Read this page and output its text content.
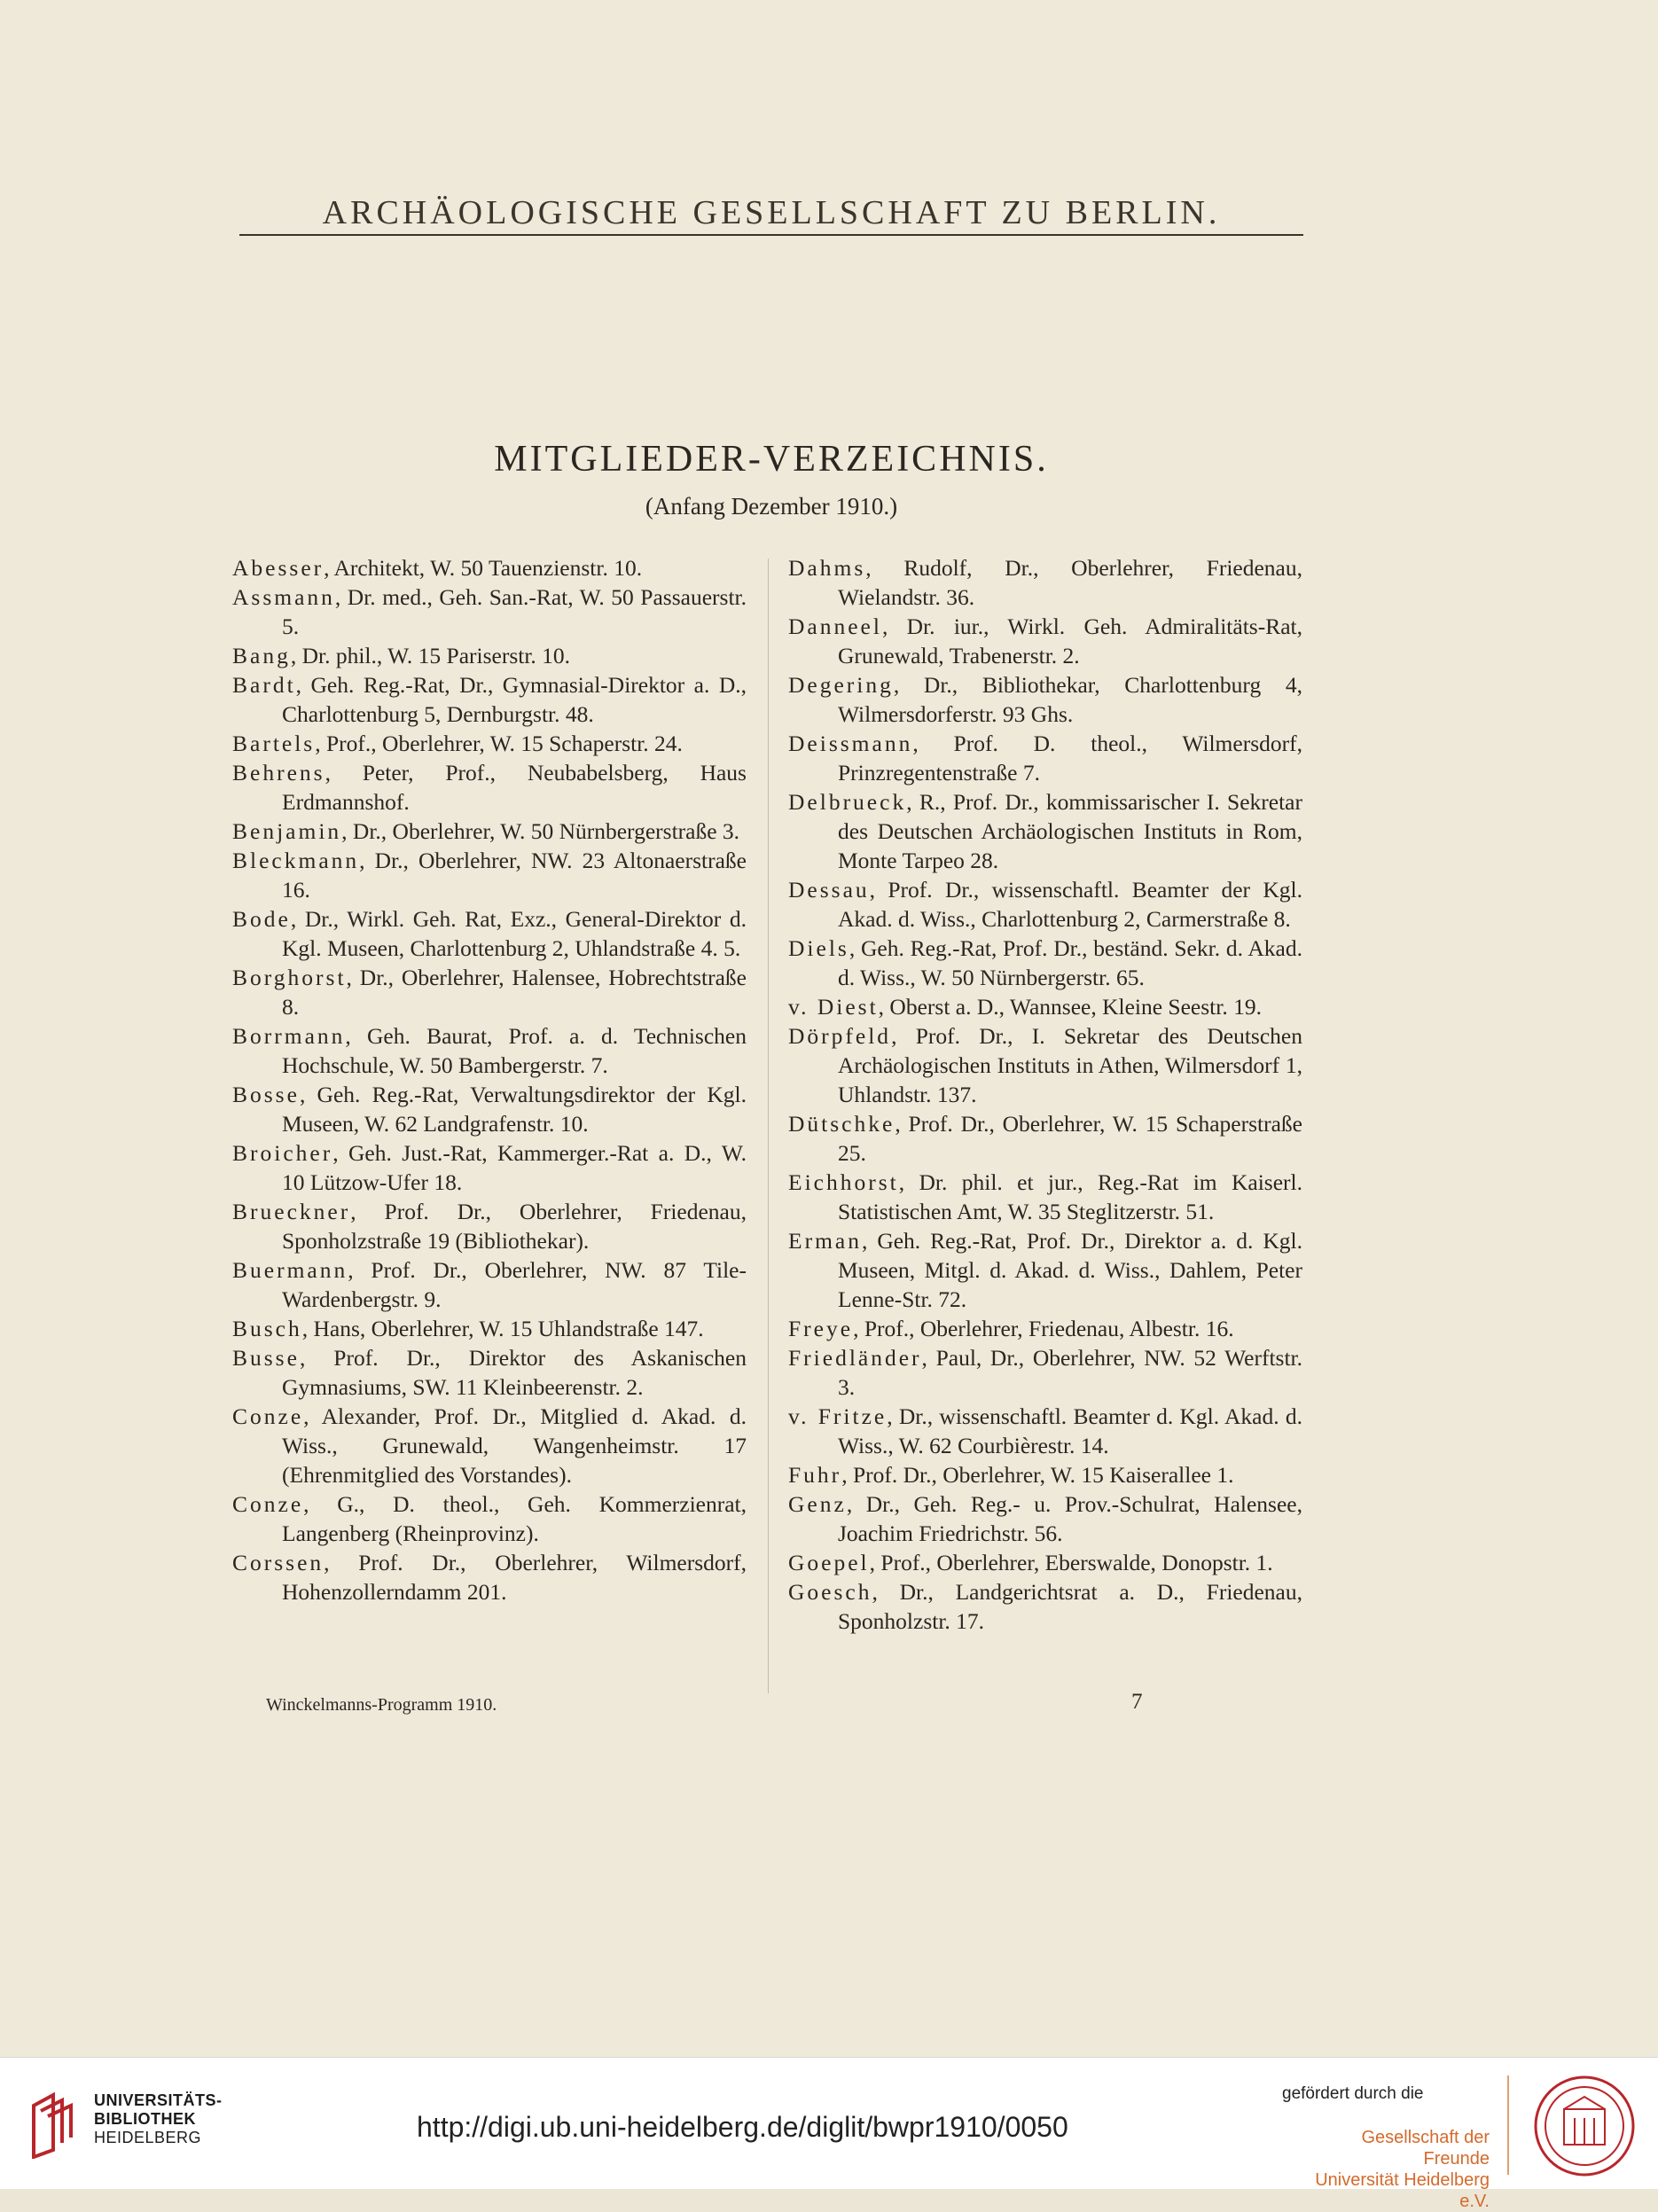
ARCHÄOLOGISCHE GESELLSCHAFT ZU BERLIN.
MITGLIEDER-VERZEICHNIS.
(Anfang Dezember 1910.)

Abesser, Architekt, W. 50 Tauenzienstr. 10.

Assmann, Dr. med., Geh. San.-Rat, W. 50 Passauerstr. 5.

Bang, Dr. phil., W. 15 Pariserstr. 10.

Bardt, Geh. Reg.-Rat, Dr., Gymnasial-Direktor a. D., Charlottenburg 5, Dernburgstr. 48.

Bartels, Prof., Oberlehrer, W. 15 Schaperstr. 24.

Behrens, Peter, Prof., Neubabelsberg, Haus Erdmannshof.

Benjamin, Dr., Oberlehrer, W. 50 Nürnbergerstraße 3.

Bleckmann, Dr., Oberlehrer, NW. 23 Altonaerstraße 16.

Bode, Dr., Wirkl. Geh. Rat, Exz., General-Direktor d. Kgl. Museen, Charlottenburg 2, Uhlandstraße 4. 5.

Borghorst, Dr., Oberlehrer, Halensee, Hobrechtstraße 8.

Borrmann, Geh. Baurat, Prof. a. d. Technischen Hochschule, W. 50 Bambergerstr. 7.

Bosse, Geh. Reg.-Rat, Verwaltungsdirektor der Kgl. Museen, W. 62 Landgrafenstr. 10.

Broicher, Geh. Just.-Rat, Kammerger.-Rat a. D., W. 10 Lützow-Ufer 18.

Brueckner, Prof. Dr., Oberlehrer, Friedenau, Sponholzstraße 19 (Bibliothekar).

Buermann, Prof. Dr., Oberlehrer, NW. 87 Tile-Wardenbergstr. 9.

Busch, Hans, Oberlehrer, W. 15 Uhlandstraße 147.

Busse, Prof. Dr., Direktor des Askanischen Gymnasiums, SW. 11 Kleinbeerenstr. 2.

Conze, Alexander, Prof. Dr., Mitglied d. Akad. d. Wiss., Grunewald, Wangenheimstr. 17 (Ehrenmitglied des Vorstandes).

Conze, G., D. theol., Geh. Kommerzienrat, Langenberg (Rheinprovinz).

Corssen, Prof. Dr., Oberlehrer, Wilmersdorf, Hohenzollerndamm 201.

Dahms, Rudolf, Dr., Oberlehrer, Friedenau, Wielandstr. 36.

Danneel, Dr. iur., Wirkl. Geh. Admiralitäts-Rat, Grunewald, Trabenerstr. 2.

Degering, Dr., Bibliothekar, Charlottenburg 4, Wilmersdorferstr. 93 Ghs.

Deissmann, Prof. D. theol., Wilmersdorf, Prinzregentenstraße 7.

Delbrueck, R., Prof. Dr., kommissarischer I. Sekretar des Deutschen Archäologischen Instituts in Rom, Monte Tarpeo 28.

Dessau, Prof. Dr., wissenschaftl. Beamter der Kgl. Akad. d. Wiss., Charlottenburg 2, Carmerstraße 8.

Diels, Geh. Reg.-Rat, Prof. Dr., beständ. Sekr. d. Akad. d. Wiss., W. 50 Nürnbergerstr. 65.

v. Diest, Oberst a. D., Wannsee, Kleine Seestr. 19.

Dörpfeld, Prof. Dr., I. Sekretar des Deutschen Archäologischen Instituts in Athen, Wilmersdorf 1, Uhlandstr. 137.

Dütschke, Prof. Dr., Oberlehrer, W. 15 Schaperstraße 25.

Eichhorst, Dr. phil. et jur., Reg.-Rat im Kaiserl. Statistischen Amt, W. 35 Steglitzerstr. 51.

Erman, Geh. Reg.-Rat, Prof. Dr., Direktor a. d. Kgl. Museen, Mitgl. d. Akad. d. Wiss., Dahlem, Peter Lenne-Str. 72.

Freye, Prof., Oberlehrer, Friedenau, Albestr. 16.

Friedländer, Paul, Dr., Oberlehrer, NW. 52 Werftstr. 3.

v. Fritze, Dr., wissenschaftl. Beamter d. Kgl. Akad. d. Wiss., W. 62 Courbièrestr. 14.

Fuhr, Prof. Dr., Oberlehrer, W. 15 Kaiserallee 1.

Genz, Dr., Geh. Reg.- u. Prov.-Schulrat, Halensee, Joachim Friedrichstr. 56.

Goepel, Prof., Oberlehrer, Eberswalde, Donopstr. 1.

Goesch, Dr., Landgerichtsrat a. D., Friedenau, Sponholzstr. 17.

Winckelmanns-Programm 1910.	7
UNIVERSITÄTS-
BIBLIOTHEK
HEIDELBERG	http://digi.ub.uni-heidelberg.de/diglit/bwpr1910/0050
gefördert durch die
Gesellschaft der Freunde
Universität Heidelberg e.V.
